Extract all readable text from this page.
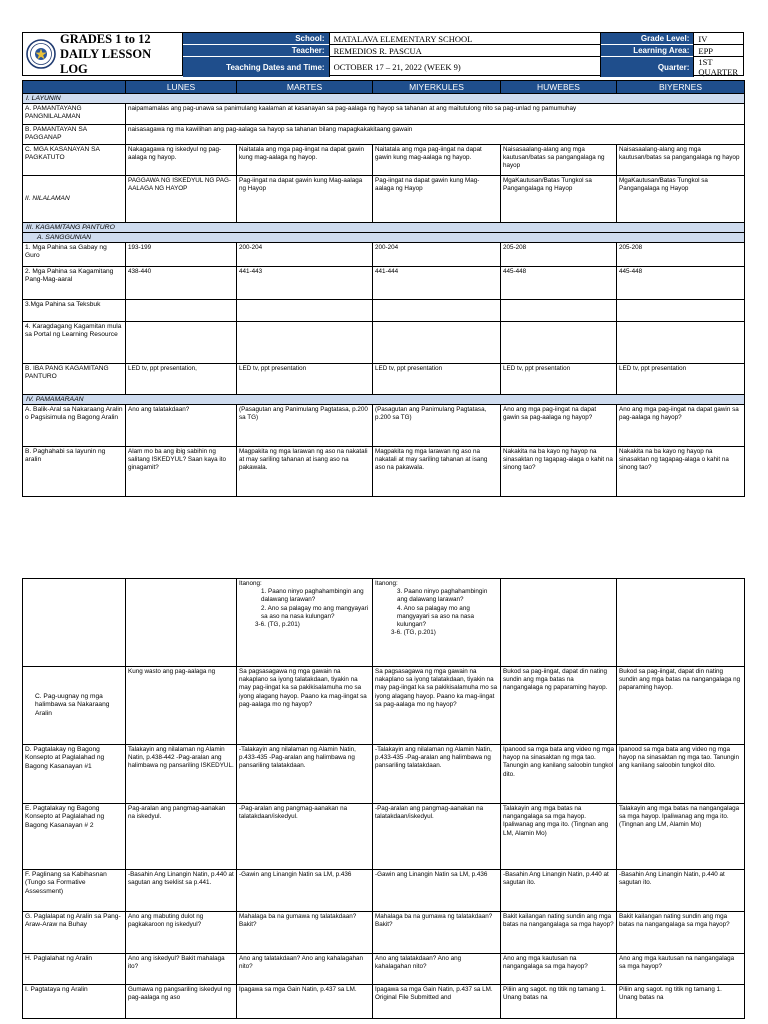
GRADES 1 to 12
DAILY LESSON LOG
School:	MATALAVA ELEMENTARY SCHOOL
Teacher:	REMEDIOS R. PASCUA
Teaching Dates and Time:	OCTOBER 17 – 21, 2022 (WEEK 9)
Grade Level:	IV
Learning Area:	EPP
Quarter:	1ST QUARTER
	LUNES	MARTES	MIYERKULES	HUWEBES	BIYERNES
I. LAYUNIN					
A. PAMANTAYANG PANGNILALAMAN	naipamamalas ang pag-unawa sa panimulang kaalaman at kasanayan sa pag-aalaga ng hayop sa tahanan at ang maitutulong nito sa pag-unlad ng pamumuhay				
B. PAMANTAYAN SA PAGGANAP	naisasagawa ng ma kawilihan ang pag-aalaga sa hayop sa tahanan bilang mapagkakakitaang gawain				
C. MGA KASANAYAN SA PAGKATUTO	Nakagagawa ng iskedyul ng pag-aalaga ng hayop.	Naitatala ang mga pag-iingat na dapat gawin kung mag-aalaga ng hayop.	Naitatala ang mga pag-iingat na dapat gawin kung mag-aalaga ng hayop.	Naisasaalang-alang ang mga kautusan/batas sa pangangalaga ng hayop	Naisasaalang-alang ang mga kautusan/batas sa pangangalaga ng hayop
II. NILALAMAN	PAGGAWA NG ISKEDYUL NG PAG-AALAGA NG HAYOP	Pag-iingat na dapat gawin kung Mag-aalaga ng Hayop	Pag-iingat na dapat gawin kung Mag-aalaga ng Hayop	MgaKautusan/Batas Tungkol sa Pangangalaga ng Hayop	MgaKautusan/Batas Tungkol sa Pangangalaga ng Hayop
III. KAGAMITANG PANTURO					
A. SANGGUNIAN					
1. Mga Pahina sa Gabay ng Guro	193-199	200-204	200-204	205-208	205-208
2. Mga Pahina sa Kagamitang Pang-Mag-aaral	438-440	441-443	441-444	445-448	445-448
3.Mga Pahina sa Teksbuk					
4. Karagdagang Kagamitan mula sa Portal ng Learning Resource					
B. IBA PANG KAGAMITANG PANTURO	LED tv, ppt presentation,	LED tv, ppt presentation	LED tv, ppt presentation	LED tv, ppt presentation	LED tv, ppt presentation
IV. PAMAMARAAN					
A. Balik-Aral sa Nakaraang Aralin o Pagsisimula ng Bagong Aralin	Ano ang talatakdaan?	(Pasagutan ang Panimulang Pagtatasa, p.200 sa TG)	(Pasagutan ang Panimulang Pagtatasa, p.200 sa TG)	Ano ang mga pag-iingat na dapat gawin sa pag-aalaga ng hayop?	Ano ang mga pag-iingat na dapat gawin sa pag-aalaga ng hayop?
B. Paghahabi sa layunin ng aralin	Alam mo ba ang ibig sabihin ng salitang ISKEDYUL? Saan kaya ito ginagamit?	Magpakita ng mga larawan ng aso na nakatali at may sariling tahanan at isang aso na pakawala.	Magpakita ng mga larawan ng aso na nakatali at may sariling tahanan at isang aso na pakawala.	Nakakita na ba kayo ng hayop na sinasaktan ng tagapag-alaga o kahit na sinong tao?	Nakakita na ba kayo ng hayop na sinasaktan ng tagapag-alaga o kahit na sinong tao?

		Itanong:
1. Paano ninyo paghahambingin ang dalawang larawan?
2. Ano sa palagay mo ang mangyayari sa aso na nasa kulungan?
3-6. (TG, p.201)	Itanong:
3. Paano ninyo paghahambingin ang dalawang larawan?
4. Ano sa palagay mo ang mangyayari sa aso na nasa kulungan?
3-6. (TG, p.201)		

C. Pag-uugnay ng mga halimbawa sa Nakaraang Aralin	Kung wasto ang pag-aalaga ng	Sa pagsasagawa ng mga gawain na nakaplano sa iyong talatakdaan, tiyakin na may pag-iingat ka sa pakikisalamuha mo sa iyong alagang hayop. Paano ka mag-iingat sa pag-aalaga mo ng hayop?	Sa pagsasagawa ng mga gawain na nakaplano sa iyong talatakdaan, tiyakin na may pag-iingat ka sa pakikisalamuha mo sa iyong alagang hayop. Paano ka mag-iingat sa pag-aalaga mo ng hayop?	Bukod sa pag-iingat, dapat din nating sundin ang mga batas na nangangalaga ng paparaming hayop.	Bukod sa pag-iingat, dapat din nating sundin ang mga batas na nangangalaga ng paparaming hayop.
D. Pagtalakay ng Bagong Konsepto at Paglalahad ng Bagong Kasanayan #1	Talakayin ang nilalaman ng Alamin Natin, p.438-442 -Pag-aralan ang halimbawa ng pansariling ISKEDYUL.	-Talakayin ang nilalaman ng Alamin Natin, p.433-435 -Pag-aralan ang halimbawa ng pansariling talatakdaan.	-Talakayin ang nilalaman ng Alamin Natin, p.433-435 -Pag-aralan ang halimbawa ng pansariling talatakdaan.	Ipanood sa mga bata ang video ng mga hayop na sinasaktan ng mga tao. Tanungin ang kanilang saloobin tungkol dito.	Ipanood sa mga bata ang video ng mga hayop na sinasaktan ng mga tao. Tanungin ang kanilang saloobin tungkol dito.
E. Pagtalakay ng Bagong Konsepto at Paglalahad ng Bagong Kasanayan # 2	Pag-aralan ang pangmag-aanakan na iskedyul.	-Pag-aralan ang pangmag-aanakan na talatakdaan/iskedyul.	-Pag-aralan ang pangmag-aanakan na talatakdaan/iskedyul.	Talakayin ang mga batas na nangangalaga sa mga hayop. Ipaliwanag ang mga ito. (Tingnan ang LM, Alamin Mo)	Talakayin ang mga batas na nangangalaga sa mga hayop. Ipaliwanag ang mga ito. (Tingnan ang LM, Alamin Mo)
F. Paglinang sa Kabihasnan (Tungo sa Formative Assessment)	-Basahin Ang Linangin Natin, p.440 at sagutan ang tseklist sa p.441.	-Gawin ang Linangin Natin sa LM, p.436	-Gawin ang Linangin Natin sa LM, p.436	-Basahin Ang Linangin Natin, p.440 at sagutan ito.	-Basahin Ang Linangin Natin, p.440 at sagutan ito.
G. Paglalapat ng Aralin sa Pang-Araw-Araw na Buhay	Ano ang mabuting dulot ng pagkakaroon ng iskedyul?	Mahalaga ba na gumawa ng talatakdaan? Bakit?	Mahalaga ba na gumawa ng talatakdaan? Bakit?	Bakit kailangan nating sundin ang mga batas na nangangalaga sa mga hayop?	Bakit kailangan nating sundin ang mga batas na nangangalaga sa mga hayop?
H. Paglalahat ng Aralin	Ano ang iskedyul? Bakit mahalaga ito?	Ano ang talatakdaan? Ano ang kahalagahan nito?	Ano ang talatakdaan? Ano ang kahalagahan nito?	Ano ang mga kautusan na nangangalaga sa mga hayop?	Ano ang mga kautusan na nangangalaga sa mga hayop?
I. Pagtataya ng Aralin	Gumawa ng pangsariling iskedyul ng pag-aalaga ng aso	Ipagawa sa mga Gain Natin, p.437 sa LM.	Ipagawa sa mga Gain Natin, p.437 sa LM. Original File Submitted and	Piliin ang sagot. ng titik ng tamang 1. Unang batas na	Piliin ang sagot. ng titik ng tamang 1. Unang batas na
